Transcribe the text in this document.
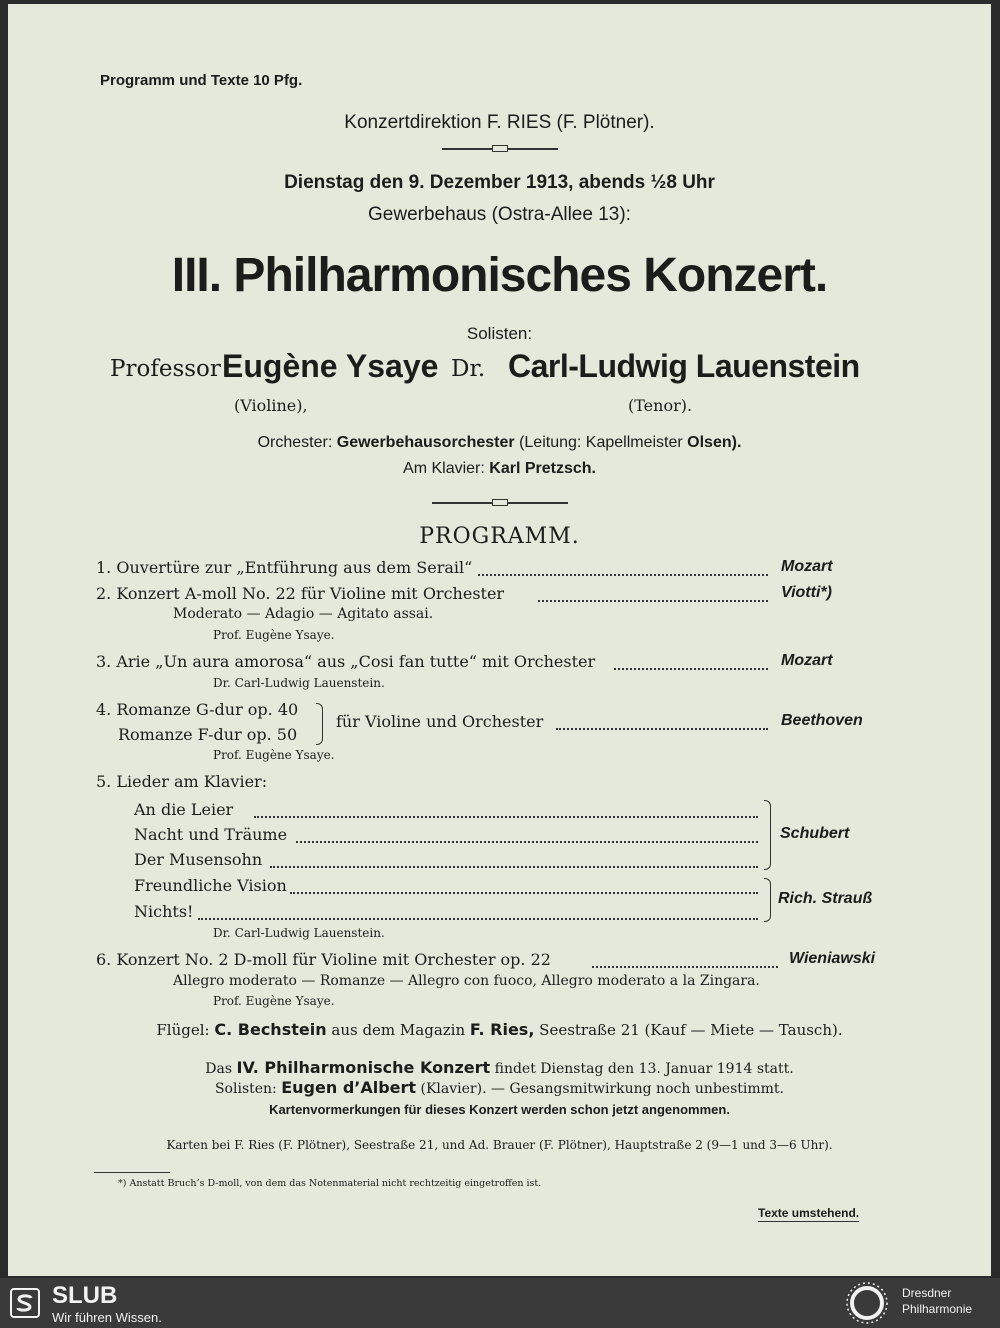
Programm und Texte 10 Pfg.
Konzertdirektion F. RIES (F. Plötner).
Dienstag den 9. Dezember 1913, abends ½8 Uhr
Gewerbehaus (Ostra-Allee 13):
III. Philharmonisches Konzert.
Solisten:
Professor Eugène Ysaye Dr. Carl-Ludwig Lauenstein
(Violine),	(Tenor).
Orchester: Gewerbehausorchester (Leitung: Kapellmeister Olsen).
Am Klavier: Karl Pretzsch.
PROGRAMM.
1. Ouvertüre zur „Entführung aus dem Serail“	Mozart
2. Konzert A-moll No. 22 für Violine mit Orchester	Viotti*)
Moderato — Adagio — Agitato assai.
Prof. Eugène Ysaye.
3. Arie „Un aura amorosa“ aus „Cosi fan tutte“ mit Orchester	Mozart
Dr. Carl-Ludwig Lauenstein.
4. Romanze G-dur op. 40
Romanze F-dur op. 50
für Violine und Orchester	Beethoven
Prof. Eugène Ysaye.
5. Lieder am Klavier:
An die Leier
Nacht und Träume
Der Musensohn
Schubert
Freundliche Vision
Nichts!
Rich. Strauß
Dr. Carl-Ludwig Lauenstein.
6. Konzert No. 2 D-moll für Violine mit Orchester op. 22	Wieniawski
Allegro moderato — Romanze — Allegro con fuoco, Allegro moderato a la Zingara.
Prof. Eugène Ysaye.
Flügel: C. Bechstein aus dem Magazin F. Ries, Seestraße 21 (Kauf — Miete — Tausch).
Das IV. Philharmonische Konzert findet Dienstag den 13. Januar 1914 statt.
Solisten: Eugen d’Albert (Klavier). — Gesangsmitwirkung noch unbestimmt.
Kartenvormerkungen für dieses Konzert werden schon jetzt angenommen.
Karten bei F. Ries (F. Plötner), Seestraße 21, und Ad. Brauer (F. Plötner), Hauptstraße 2 (9—1 und 3—6 Uhr).
*) Anstatt Bruch’s D-moll, von dem das Notenmaterial nicht rechtzeitig eingetroffen ist.
Texte umstehend.
SLUB
Wir führen Wissen.
Dresdner
Philharmonie
